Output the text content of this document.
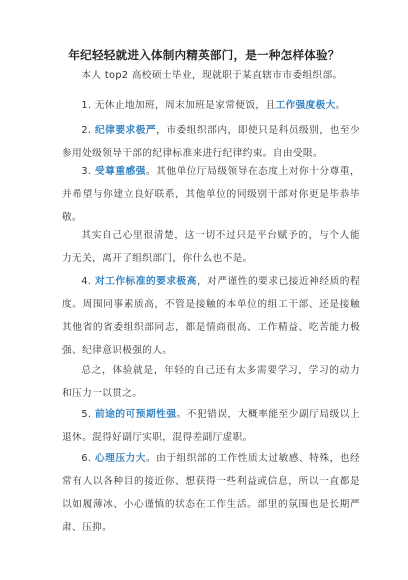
年纪轻轻就进入体制内精英部门，是一种怎样体验？

本人 top2 高校硕士毕业，现就职于某直辖市市委组织部。

1. 无休止地加班，周末加班是家常便饭，且工作强度极大。

2. 纪律要求极严，市委组织部内，即使只是科员级别，也至少参用处级领导干部的纪律标准来进行纪律约束。自由受限。

3. 受尊重感强。其他单位厅局级领导在态度上对你十分尊重，并希望与你建立良好联系，其他单位的同级别干部对你更是毕恭毕敬。

其实自己心里很清楚，这一切不过只是平台赋予的，与个人能力无关，离开了组织部门，你什么也不是。

4. 对工作标准的要求极高，对严谨性的要求已接近神经质的程度。周围同事素质高，不管是接触的本单位的组工干部、还是接触其他省的省委组织部同志，都是情商很高、工作精益、吃苦能力极强、纪律意识极强的人。

总之，体验就是，年轻的自己还有太多需要学习，学习的动力和压力一以贯之。

5. 前途的可预期性强。不犯错误，大概率能至少副厅局级以上退休。混得好副厅实职，混得差副厅虚职。

6. 心理压力大。由于组织部的工作性质太过敏感、特殊，也经常有人以各种目的接近你、想获得一些利益或信息，所以一直都是以如履薄冰、小心谨慎的状态在工作生活。部里的氛围也是长期严肃、压抑。
